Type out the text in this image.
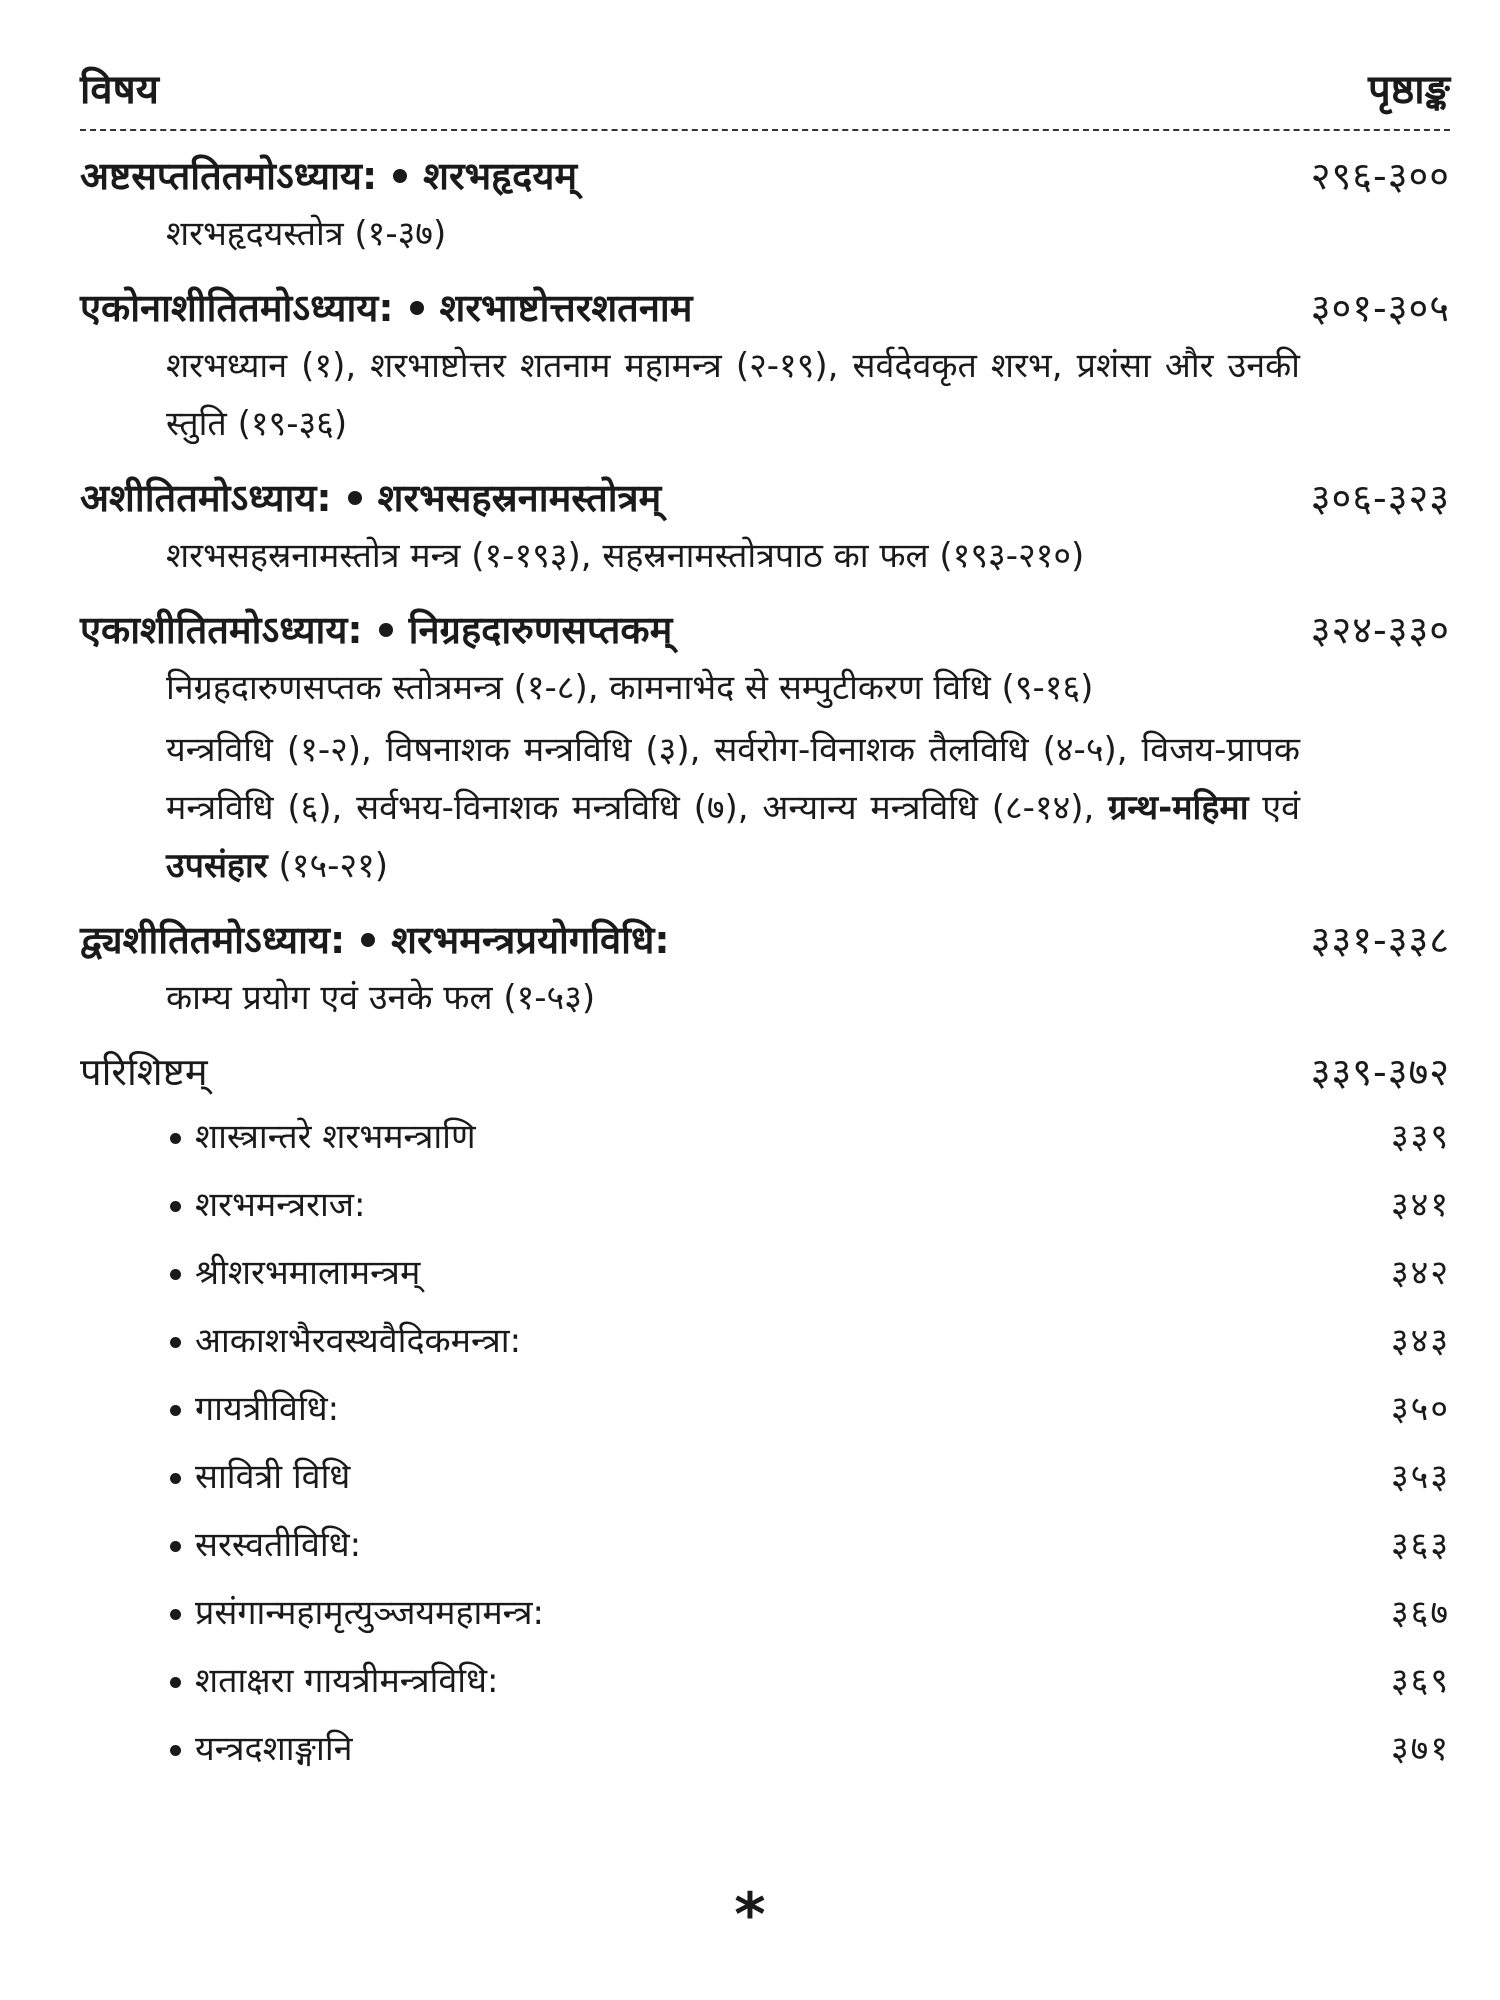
विषय	पृष्ठाङ्क
अष्टसप्ततितमोऽध्याय: शरभहृदयम्	२९६-३००
शरभहृदयस्तोत्र (१-३७)
एकोनाशीतितमोऽध्याय: शरभाष्टोत्तरशतनाम	३०१-३०५
शरभध्यान (१), शरभाष्टोत्तर शतनाम महामन्त्र (२-१९), सर्वदेवकृत शरभ, प्रशंसा और उनकी स्तुति (१९-३६)
अशीतितमोऽध्याय: शरभसहस्रनामस्तोत्रम्	३०६-३२३
शरभसहस्रनामस्तोत्र मन्त्र (१-१९३), सहस्रनामस्तोत्रपाठ का फल (१९३-२१०)
एकाशीतितमोऽध्याय: निग्रहदारुणसप्तकम्	३२४-३३०
निग्रहदारुणसप्तक स्तोत्रमन्त्र (१-८), कामनाभेद से सम्पुटीकरण विधि (९-१६)
यन्त्रविधि (१-२), विषनाशक मन्त्रविधि (३), सर्वरोग-विनाशक तैलविधि (४-५), विजय-प्रापक मन्त्रविधि (६), सर्वभय-विनाशक मन्त्रविधि (७), अन्यान्य मन्त्रविधि (८-१४), ग्रन्थ-महिमा एवं उपसंहार (१५-२१)
द्व्यशीतितमोऽध्याय: शरभमन्त्रप्रयोगविधि:	३३१-३३८
काम्य प्रयोग एवं उनके फल (१-५३)
परिशिष्टम्	३३९-३७२
शास्त्रान्तरे शरभमन्त्राणि	३३९
शरभमन्त्रराज:	३४१
श्रीशरभमालामन्त्रम्	३४२
आकाशभैरवस्थवैदिकमन्त्रा:	३४३
गायत्रीविधि:	३५०
सावित्री विधि	३५३
सरस्वतीविधि:	३६३
प्रसंगान्महामृत्युञ्जयमहामन्त्र:	३६७
शताक्षरा गायत्रीमन्त्रविधि:	३६९
यन्त्रदशाङ्गानि	३७१
*
